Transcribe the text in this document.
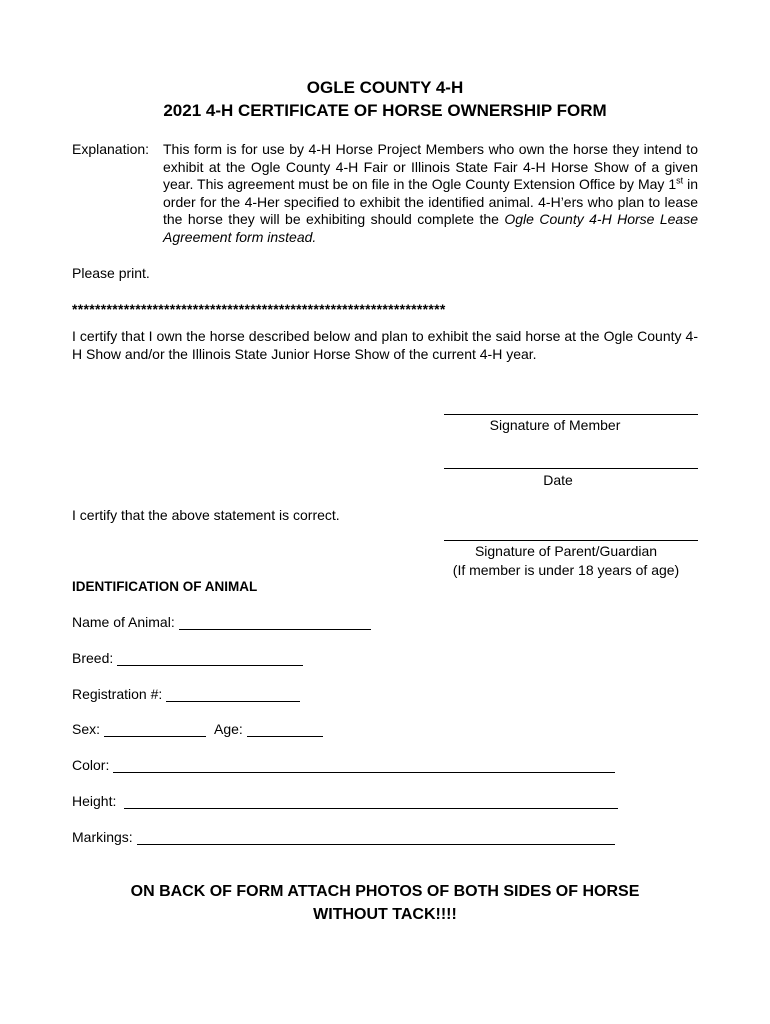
OGLE COUNTY 4-H
2021 4-H CERTIFICATE OF HORSE OWNERSHIP FORM
Explanation: This form is for use by 4-H Horse Project Members who own the horse they intend to exhibit at the Ogle County 4-H Fair or Illinois State Fair 4-H Horse Show of a given year. This agreement must be on file in the Ogle County Extension Office by May 1st in order for the 4-Her specified to exhibit the identified animal. 4-H’ers who plan to lease the horse they will be exhibiting should complete the Ogle County 4-H Horse Lease Agreement form instead.
Please print.
*****************************************************************
I certify that I own the horse described below and plan to exhibit the said horse at the Ogle County 4-H Show and/or the Illinois State Junior Horse Show of the current 4-H year.
Signature of Member
Date
I certify that the above statement is correct.
Signature of Parent/Guardian
(If member is under 18 years of age)
IDENTIFICATION OF ANIMAL
Name of Animal:
Breed:
Registration #:
Sex:	Age:
Color:
Height:
Markings:
ON BACK OF FORM ATTACH PHOTOS OF BOTH SIDES OF HORSE
WITHOUT TACK!!!!
